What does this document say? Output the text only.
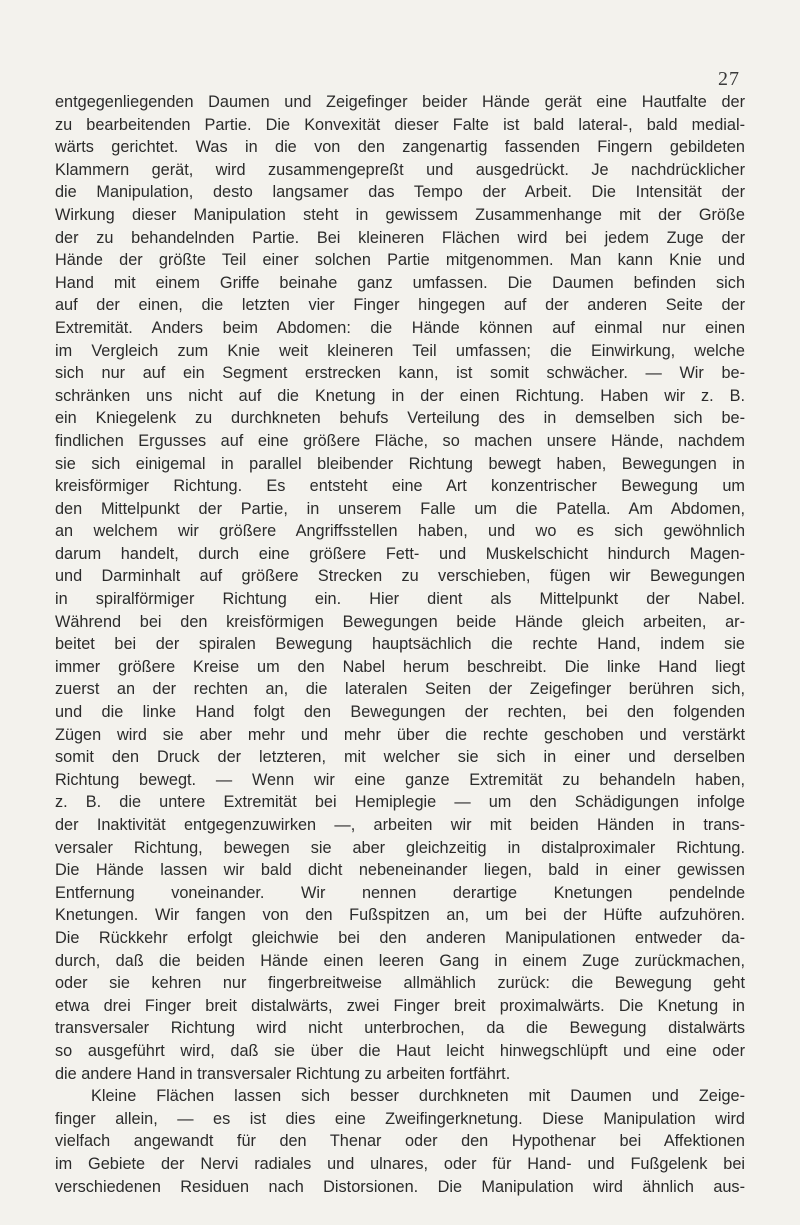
27
entgegenliegenden Daumen und Zeigefinger beider Hände gerät eine Hautfalte der
zu bearbeitenden Partie. Die Konvexität dieser Falte ist bald lateral-, bald medial-
wärts gerichtet. Was in die von den zangenartig fassenden Fingern gebildeten
Klammern gerät, wird zusammengepreßt und ausgedrückt. Je nachdrücklicher
die Manipulation, desto langsamer das Tempo der Arbeit. Die Intensität der
Wirkung dieser Manipulation steht in gewissem Zusammenhange mit der Größe
der zu behandelnden Partie. Bei kleineren Flächen wird bei jedem Zuge der
Hände der größte Teil einer solchen Partie mitgenommen. Man kann Knie und
Hand mit einem Griffe beinahe ganz umfassen. Die Daumen befinden sich
auf der einen, die letzten vier Finger hingegen auf der anderen Seite der
Extremität. Anders beim Abdomen: die Hände können auf einmal nur einen
im Vergleich zum Knie weit kleineren Teil umfassen; die Einwirkung, welche
sich nur auf ein Segment erstrecken kann, ist somit schwächer. — Wir be-
schränken uns nicht auf die Knetung in der einen Richtung. Haben wir z. B.
ein Kniegelenk zu durchkneten behufs Verteilung des in demselben sich be-
findlichen Ergusses auf eine größere Fläche, so machen unsere Hände, nachdem
sie sich einigemal in parallel bleibender Richtung bewegt haben, Bewegungen in
kreisförmiger Richtung. Es entsteht eine Art konzentrischer Bewegung um
den Mittelpunkt der Partie, in unserem Falle um die Patella. Am Abdomen,
an welchem wir größere Angriffsstellen haben, und wo es sich gewöhnlich
darum handelt, durch eine größere Fett- und Muskelschicht hindurch Magen-
und Darminhalt auf größere Strecken zu verschieben, fügen wir Bewegungen
in spiralförmiger Richtung ein. Hier dient als Mittelpunkt der Nabel.
Während bei den kreisförmigen Bewegungen beide Hände gleich arbeiten, ar-
beitet bei der spiralen Bewegung hauptsächlich die rechte Hand, indem sie
immer größere Kreise um den Nabel herum beschreibt. Die linke Hand liegt
zuerst an der rechten an, die lateralen Seiten der Zeigefinger berühren sich,
und die linke Hand folgt den Bewegungen der rechten, bei den folgenden
Zügen wird sie aber mehr und mehr über die rechte geschoben und verstärkt
somit den Druck der letzteren, mit welcher sie sich in einer und derselben
Richtung bewegt. — Wenn wir eine ganze Extremität zu behandeln haben,
z. B. die untere Extremität bei Hemiplegie — um den Schädigungen infolge
der Inaktivität entgegenzuwirken —, arbeiten wir mit beiden Händen in trans-
versaler Richtung, bewegen sie aber gleichzeitig in distalproximaler Richtung.
Die Hände lassen wir bald dicht nebeneinander liegen, bald in einer gewissen
Entfernung voneinander. Wir nennen derartige Knetungen pendelnde
Knetungen. Wir fangen von den Fußspitzen an, um bei der Hüfte aufzuhören.
Die Rückkehr erfolgt gleichwie bei den anderen Manipulationen entweder da-
durch, daß die beiden Hände einen leeren Gang in einem Zuge zurückmachen,
oder sie kehren nur fingerbreitweise allmählich zurück: die Bewegung geht
etwa drei Finger breit distalwärts, zwei Finger breit proximalwärts. Die Knetung in
transversaler Richtung wird nicht unterbrochen, da die Bewegung distalwärts
so ausgeführt wird, daß sie über die Haut leicht hinwegschlüpft und eine oder
die andere Hand in transversaler Richtung zu arbeiten fortfährt.
Kleine Flächen lassen sich besser durchkneten mit Daumen und Zeige-
finger allein, — es ist dies eine Zweifingerknetung. Diese Manipulation wird
vielfach angewandt für den Thenar oder den Hypothenar bei Affektionen
im Gebiete der Nervi radiales und ulnares, oder für Hand- und Fußgelenk bei
verschiedenen Residuen nach Distorsionen. Die Manipulation wird ähnlich aus-
